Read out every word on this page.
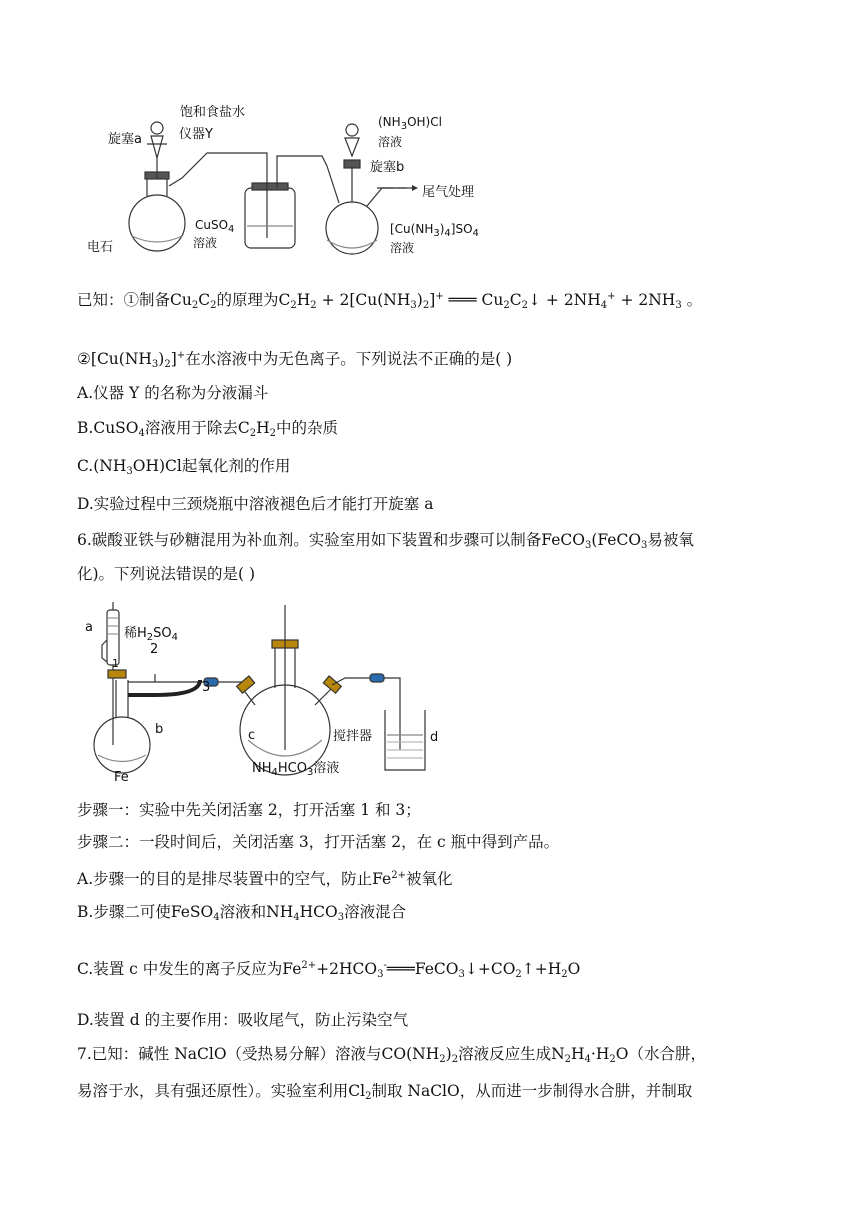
饱和食盐水
旋塞a	仪器Y
电石
CuSO$_4$
溶液
$(NH_3OH)Cl$
溶液
旋塞b
尾气处理
$[Cu(NH_3)_4]SO_4$
溶液
已知：①制备$Cu_2C_2$的原理为$C_2H_2 + 2[Cu(NH_3)_2]^+$ ═══ $Cu_2C_2↓ + 2NH_4^+ + 2NH_3$ 。
$②[Cu(NH_3)_2]^+$在水溶液中为无色离子。下列说法不正确的是( )
A.仪器 Y 的名称为分液漏斗
B.CuSO$_4$溶液用于除去$C_2H_2$中的杂质
$C.(NH_3OH)Cl$起氧化剂的作用
D.实验过程中三颈烧瓶中溶液褪色后才能打开旋塞 a
6.碳酸亚铁与砂糖混用为补血剂。实验室用如下装置和步骤可以制备FeCO$_3$(FeCO$_3$易被氧
化)。下列说法错误的是( )
a 稀$H_2SO_4$
2
1
3
b
Fe
c	搅拌器	d
$NH_4HCO_3$溶液
步骤一：实验中先关闭活塞 2，打开活塞 1 和 3；
步骤二：一段时间后，关闭活塞 3，打开活塞 2，在 c 瓶中得到产品。
A.步骤一的目的是排尽装置中的空气，防止$Fe^{2+}$被氧化
B.步骤二可使FeSO$_4$溶液和$NH_4HCO_3$溶液混合
C.装置 c 中发生的离子反应为$Fe^{2+}+2HCO_3^-═══FeCO_3↓+CO_2↑+H_2O$
D.装置 d 的主要作用：吸收尾气，防止污染空气
7.已知：碱性 NaClO（受热易分解）溶液与$CO(NH_2)_2$溶液反应生成$N_2H_4\cdot H_2O$（水合肼，
易溶于水，具有强还原性）。实验室利用$Cl_2$制取 NaClO，从而进一步制得水合肼，并制取
